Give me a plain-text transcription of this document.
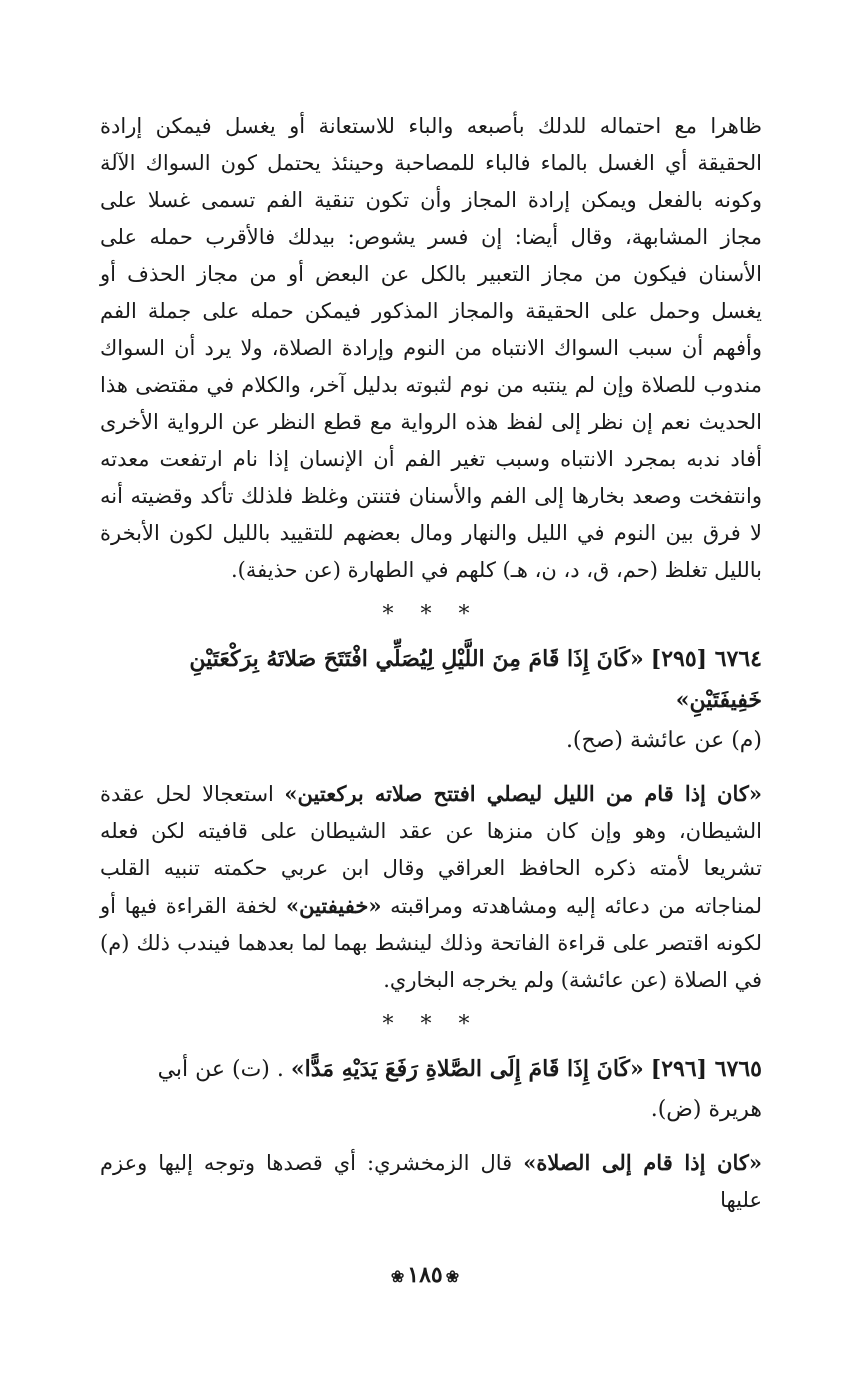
ظاهرا مع احتماله للدلك بأصبعه والباء للاستعانة أو يغسل فيمكن إرادة الحقيقة أي الغسل بالماء فالباء للمصاحبة وحينئذ يحتمل كون السواك الآلة وكونه بالفعل ويمكن إرادة المجاز وأن تكون تنقية الفم تسمى غسلا على مجاز المشابهة، وقال أيضا: إن فسر يشوص: بيدلك فالأقرب حمله على الأسنان فيكون من مجاز التعبير بالكل عن البعض أو من مجاز الحذف أو يغسل وحمل على الحقيقة والمجاز المذكور فيمكن حمله على جملة الفم وأفهم أن سبب السواك الانتباه من النوم وإرادة الصلاة، ولا يرد أن السواك مندوب للصلاة وإن لم ينتبه من نوم لثبوته بدليل آخر، والكلام في مقتضى هذا الحديث نعم إن نظر إلى لفظ هذه الرواية مع قطع النظر عن الرواية الأخرى أفاد ندبه بمجرد الانتباه وسبب تغير الفم أن الإنسان إذا نام ارتفعت معدته وانتفخت وصعد بخارها إلى الفم والأسنان فتنتن وغلظ فلذلك تأكد وقضيته أنه لا فرق بين النوم في الليل والنهار ومال بعضهم للتقييد بالليل لكون الأبخرة بالليل تغلظ (حم، ق، د، ن، هـ) كلهم في الطهارة (عن حذيفة).

* * *

٦٧٦٤ [٢٩٥] «كَانَ إِذَا قَامَ مِنَ اللَّيْلِ لِيُصَلِّي افْتَتَحَ صَلاتَهُ بِرَكْعَتَيْنِ خَفِيفَتَيْنِ»
(م) عن عائشة (صح).

«كان إذا قام من الليل ليصلي افتتح صلاته بركعتين» استعجالا لحل عقدة الشيطان، وهو وإن كان منزها عن عقد الشيطان على قافيته لكن فعله تشريعا لأمته ذكره الحافظ العراقي وقال ابن عربي حكمته تنبيه القلب لمناجاته من دعائه إليه ومشاهدته ومراقبته «خفيفتين» لخفة القراءة فيها أو لكونه اقتصر على قراءة الفاتحة وذلك لينشط بهما لما بعدهما فيندب ذلك (م) في الصلاة (عن عائشة) ولم يخرجه البخاري.

* * *

٦٧٦٥ [٢٩٦] «كَانَ إِذَا قَامَ إِلَى الصَّلاةِ رَفَعَ يَدَيْهِ مَدًّا» . (ت) عن أبي هريرة (ض).

«كان إذا قام إلى الصلاة» قال الزمخشري: أي قصدها وتوجه إليها وعزم عليها

❀١٨٥❀
